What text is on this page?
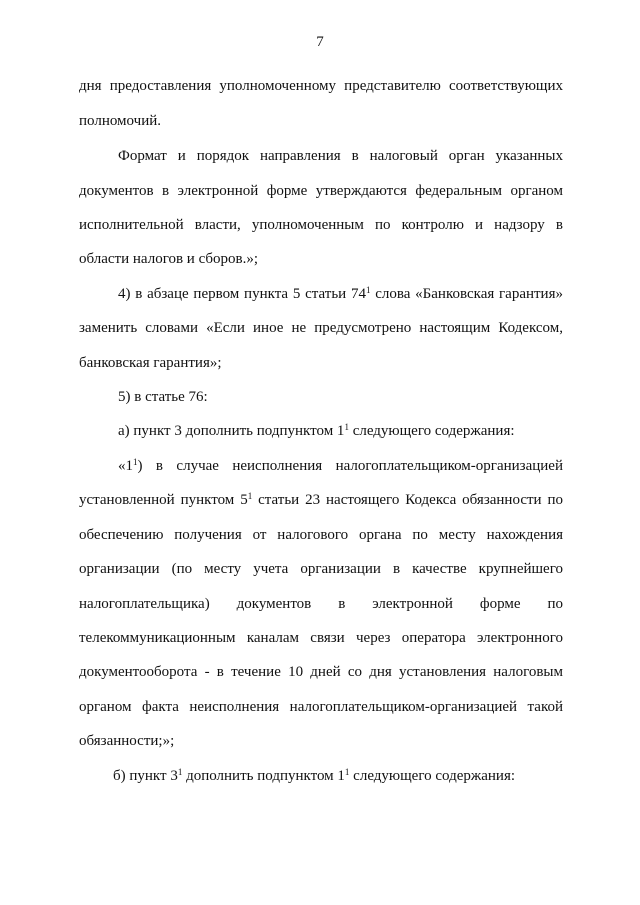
7
дня предоставления уполномоченному представителю соответствующих
полномочий.
Формат и порядок направления в налоговый орган указанных
документов в электронной форме утверждаются федеральным органом
исполнительной власти, уполномоченным по контролю и надзору в
области налогов и сборов.»;
4) в абзаце первом пункта 5 статьи $74^1$ слова «Банковская гарантия»
заменить словами «Если иное не предусмотрено настоящим Кодексом,
банковская гарантия»;
5) в статье 76:
а) пункт 3 дополнить подпунктом $1^1$ следующего содержания:
«$1^1$) в случае неисполнения налогоплательщиком-организацией
установленной пунктом $5^1$ статьи 23 настоящего Кодекса обязанности по
обеспечению получения от налогового органа по месту нахождения
организации (по месту учета организации в качестве крупнейшего
налогоплательщика) документов в электронной форме по
телекоммуникационным каналам связи через оператора электронного
документооборота - в течение 10 дней со дня установления налоговым
органом факта неисполнения налогоплательщиком-организацией такой
обязанности;»;
б) пункт $3^1$ дополнить подпунктом $1^1$ следующего содержания:
